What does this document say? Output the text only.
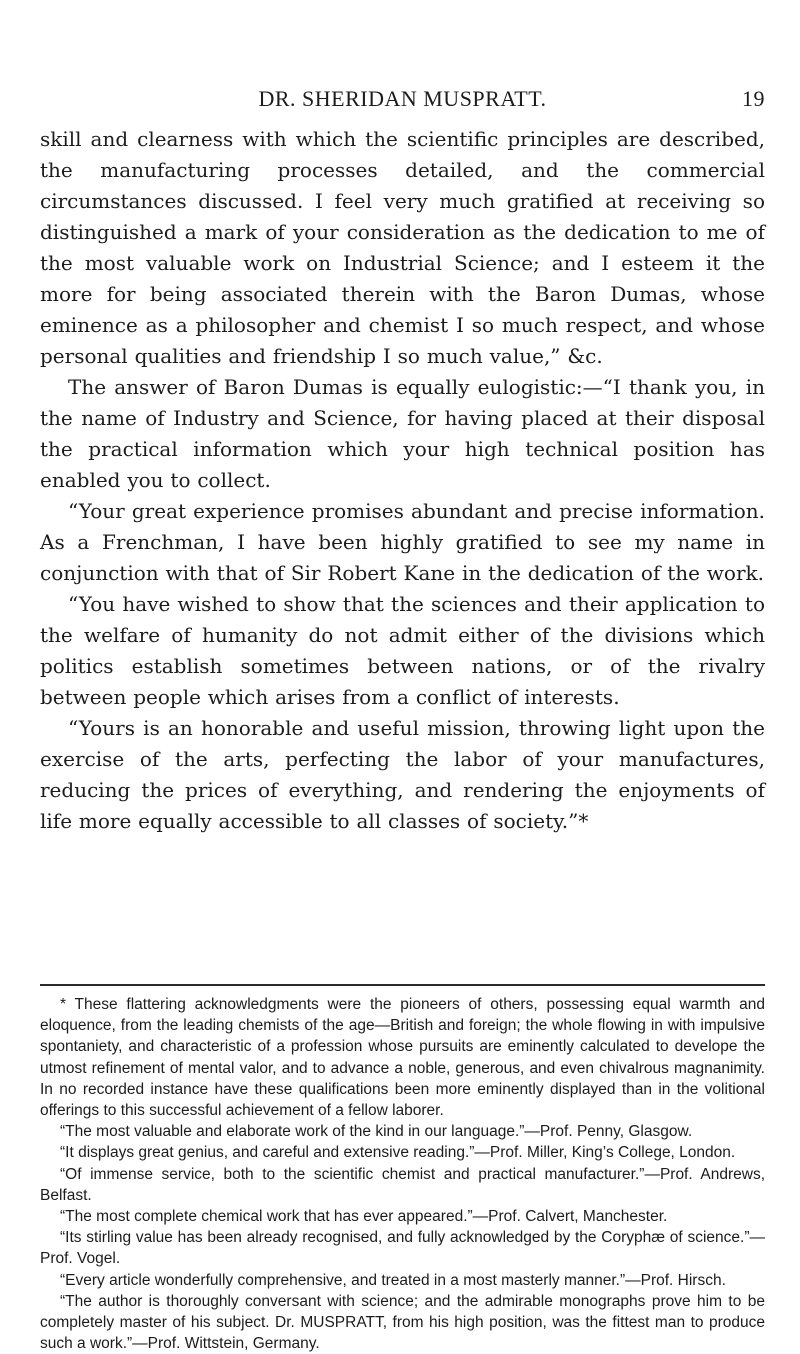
DR. SHERIDAN MUSPRATT.	19

skill and clearness with which the scientific principles are described, the manufacturing processes detailed, and the commercial circumstances discussed. I feel very much gratified at receiving so distinguished a mark of your consideration as the dedication to me of the most valuable work on Industrial Science; and I esteem it the more for being associated therein with the Baron Dumas, whose eminence as a philosopher and chemist I so much respect, and whose personal qualities and friendship I so much value,” &c.

The answer of Baron Dumas is equally eulogistic:—“I thank you, in the name of Industry and Science, for having placed at their disposal the practical information which your high technical position has enabled you to collect.

“Your great experience promises abundant and precise information. As a Frenchman, I have been highly gratified to see my name in conjunction with that of Sir Robert Kane in the dedication of the work.

“You have wished to show that the sciences and their application to the welfare of humanity do not admit either of the divisions which politics establish sometimes between nations, or of the rivalry between people which arises from a conflict of interests.

“Yours is an honorable and useful mission, throwing light upon the exercise of the arts, perfecting the labor of your manufactures, reducing the prices of everything, and rendering the enjoyments of life more equally accessible to all classes of society.”*

* These flattering acknowledgments were the pioneers of others, possessing equal warmth and eloquence, from the leading chemists of the age—British and foreign; the whole flowing in with impulsive spontaniety, and characteristic of a profession whose pursuits are eminently calculated to develope the utmost refinement of mental valor, and to advance a noble, generous, and even chivalrous magnanimity. In no recorded instance have these qualifications been more eminently displayed than in the volitional offerings to this successful achievement of a fellow laborer.

“The most valuable and elaborate work of the kind in our language.”—Prof. Penny, Glasgow.

“It displays great genius, and careful and extensive reading.”—Prof. Miller, King’s College, London.

“Of immense service, both to the scientific chemist and practical manufacturer.”—Prof. Andrews, Belfast.

“The most complete chemical work that has ever appeared.”—Prof. Calvert, Manchester.

“Its stirling value has been already recognised, and fully acknowledged by the Coryphæ of science.”—Prof. Vogel.

“Every article wonderfully comprehensive, and treated in a most masterly manner.”—Prof. Hirsch.

“The author is thoroughly conversant with science; and the admirable monographs prove him to be completely master of his subject. Dr. MUSPRATT, from his high position, was the fittest man to produce such a work.”—Prof. Wittstein, Germany.
